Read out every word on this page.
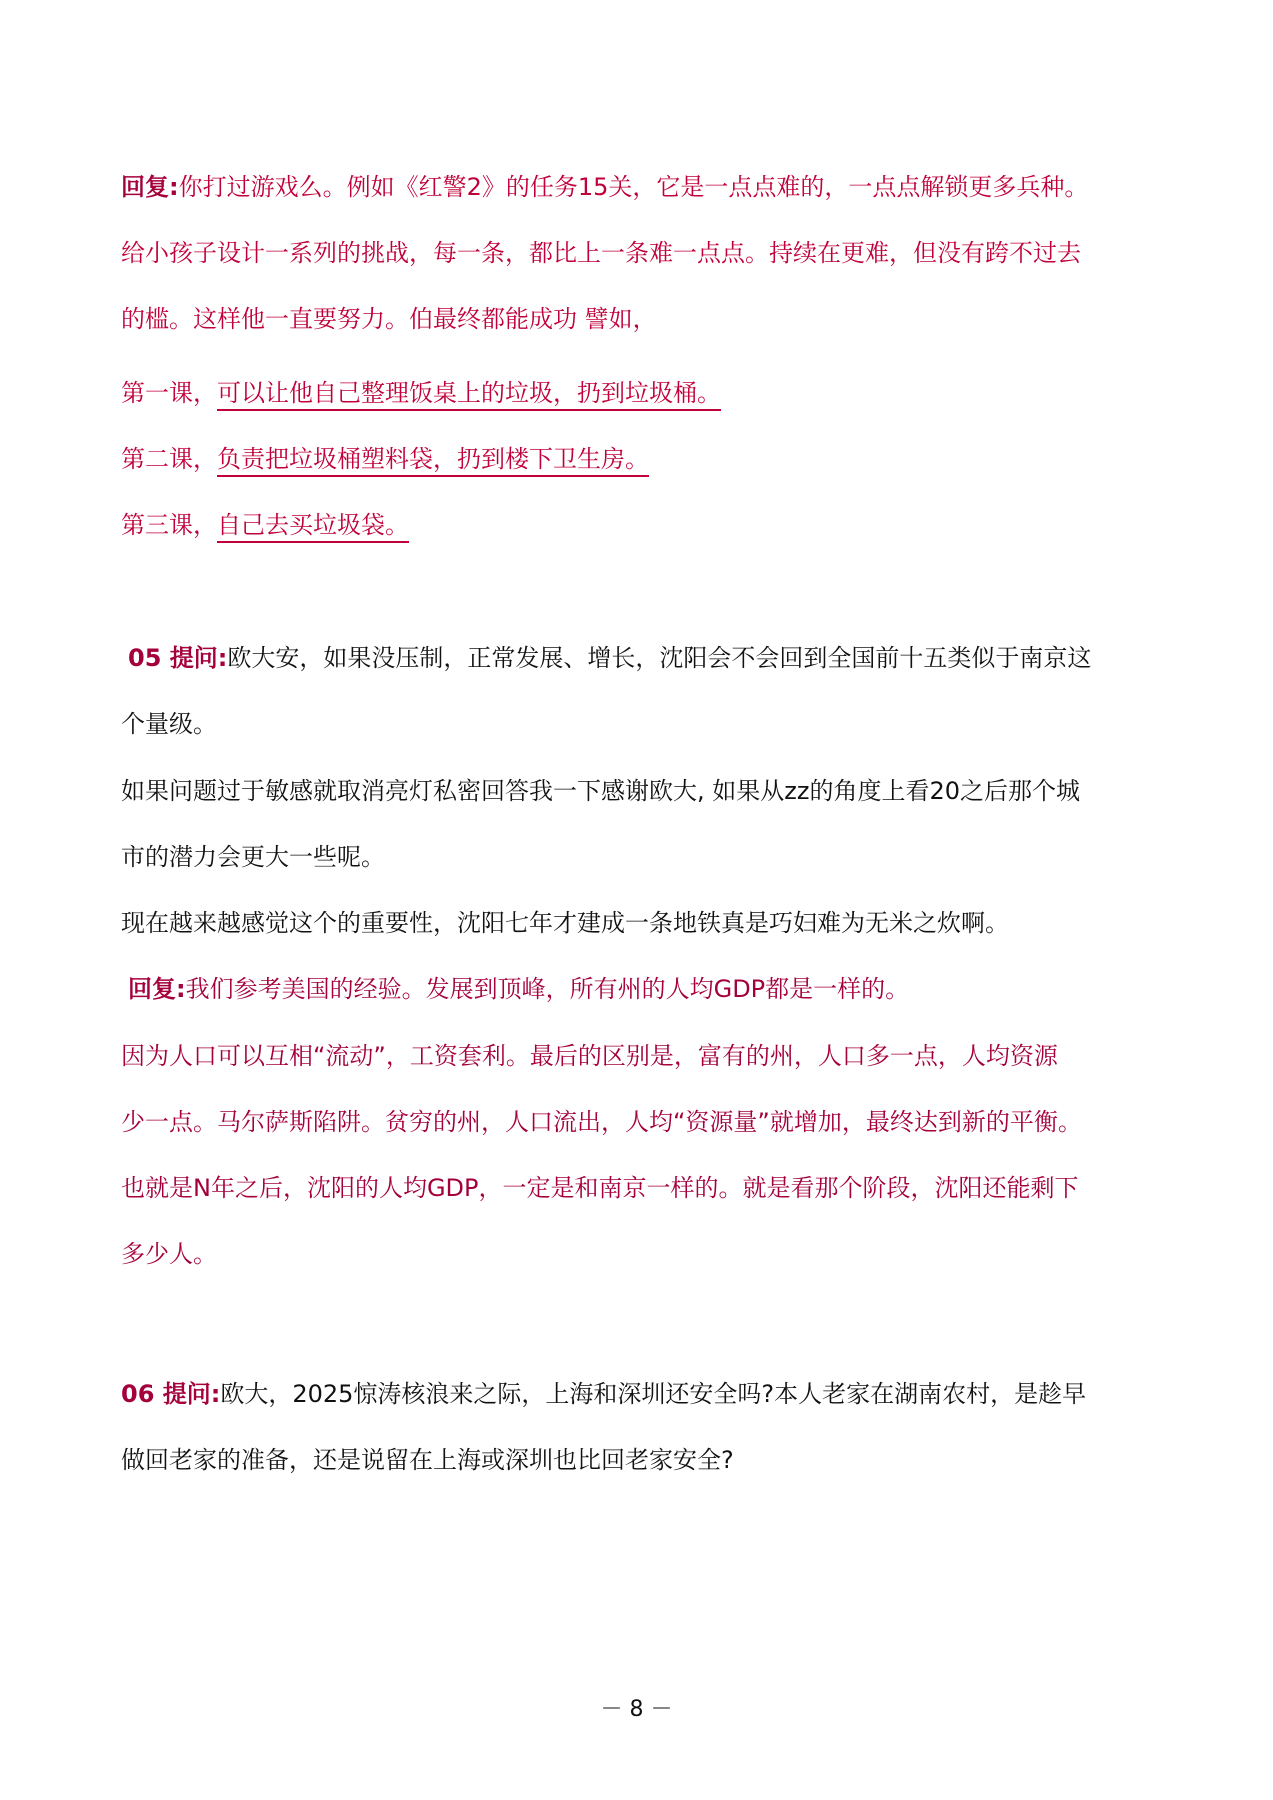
回复:你打过游戏么。例如《红警2》的任务15关，它是一点点难的，一点点解锁更多兵种。
给小孩子设计一系列的挑战，每一条，都比上一条难一点点。持续在更难，但没有跨不过去
的槛。这样他一直要努力。伯最终都能成功 譬如，
第一课，可以让他自己整理饭桌上的垃圾，扔到垃圾桶。
第二课，负责把垃圾桶塑料袋，扔到楼下卫生房。
第三课，自己去买垃圾袋。
05 提问:欧大安，如果没压制，正常发展、增长，沈阳会不会回到全国前十五类似于南京这
个量级。
如果问题过于敏感就取消亮灯私密回答我一下感谢欧大, 如果从zz的角度上看20之后那个城
市的潜力会更大一些呢。
现在越来越感觉这个的重要性，沈阳七年才建成一条地铁真是巧妇难为无米之炊啊。
回复:我们参考美国的经验。发展到顶峰，所有州的人均GDP都是一样的。
因为人口可以互相“流动”，工资套利。最后的区别是，富有的州，人口多一点，人均资源
少一点。马尔萨斯陷阱。贫穷的州，人口流出，人均“资源量”就增加，最终达到新的平衡。
也就是N年之后，沈阳的人均GDP，一定是和南京一样的。就是看那个阶段，沈阳还能剩下
多少人。
06 提问:欧大，2025惊涛核浪来之际，上海和深圳还安全吗?本人老家在湖南农村，是趁早
做回老家的准备，还是说留在上海或深圳也比回老家安全?
－ 8 －
